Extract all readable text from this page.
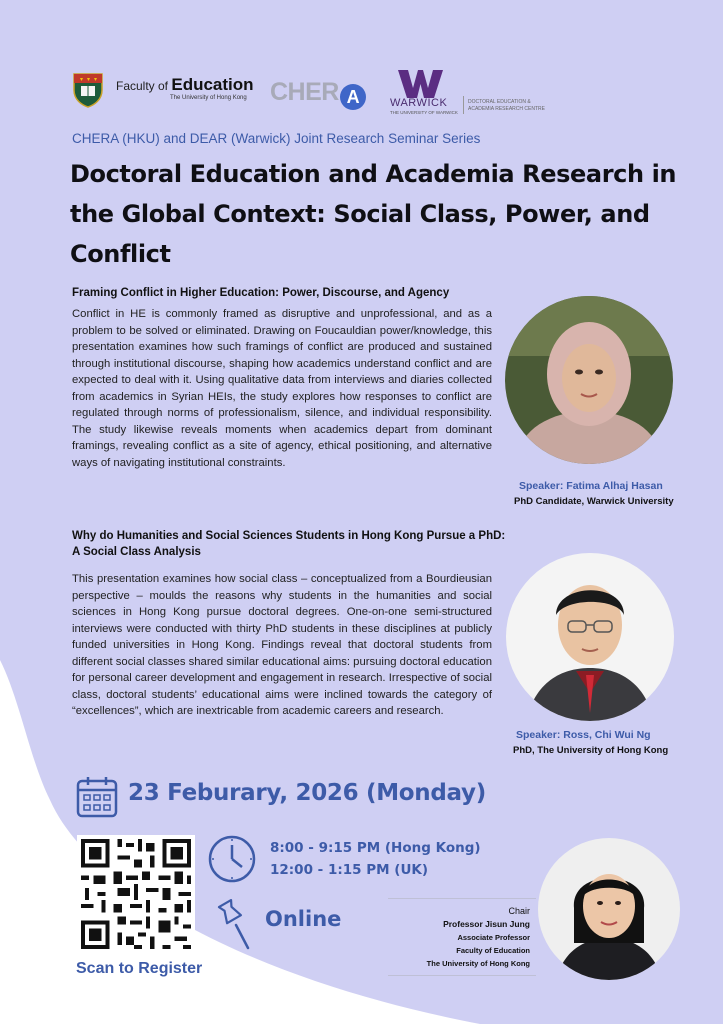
Faculty of Education
The University of Hong Kong CHER A	WARWICK
THE UNIVERSITY OF WARWICK
DOCTORAL EDUCATION & ACADEMIA RESEARCH CENTRE
CHERA (HKU) and DEAR (Warwick) Joint Research Seminar Series
Doctoral Education and Academia Research in the Global Context: Social Class, Power, and Conflict
Framing Conflict in Higher Education: Power, Discourse, and Agency
Conflict in HE is commonly framed as disruptive and unprofessional, and as a problem to be solved or eliminated. Drawing on Foucauldian power/knowledge, this presentation examines how such framings of conflict are produced and sustained through institutional discourse, shaping how academics understand conflict and are expected to deal with it. Using qualitative data from interviews and diaries collected from academics in Syrian HEIs, the study explores how responses to conflict are regulated through norms of professionalism, silence, and individual responsibility. The study likewise reveals moments when academics depart from dominant framings, revealing conflict as a site of agency, ethical positioning, and alternative ways of navigating institutional constraints.
Speaker: Fatima Alhaj Hasan
PhD Candidate, Warwick University
Why do Humanities and Social Sciences Students in Hong Kong Pursue a PhD: A Social Class Analysis
This presentation examines how social class – conceptualized from a Bourdieusian perspective – moulds the reasons why students in the humanities and social sciences in Hong Kong pursue doctoral degrees. One-on-one semi-structured interviews were conducted with thirty PhD students in these disciplines at publicly funded universities in Hong Kong. Findings reveal that doctoral students from different social classes shared similar educational aims: pursuing doctoral education for personal career development and engagement in research. Irrespective of social class, doctoral students’ educational aims were inclined towards the category of “excellences”, which are inextricable from academic careers and research.
Speaker: Ross, Chi Wui Ng
PhD, The University of Hong Kong
23 Feburary, 2026 (Monday)
Scan to Register
8:00 - 9:15 PM (Hong Kong)
12:00 - 1:15 PM (UK)
Online	Chair
Professor Jisun Jung
Associate Professor
Faculty of Education
The University of Hong Kong
